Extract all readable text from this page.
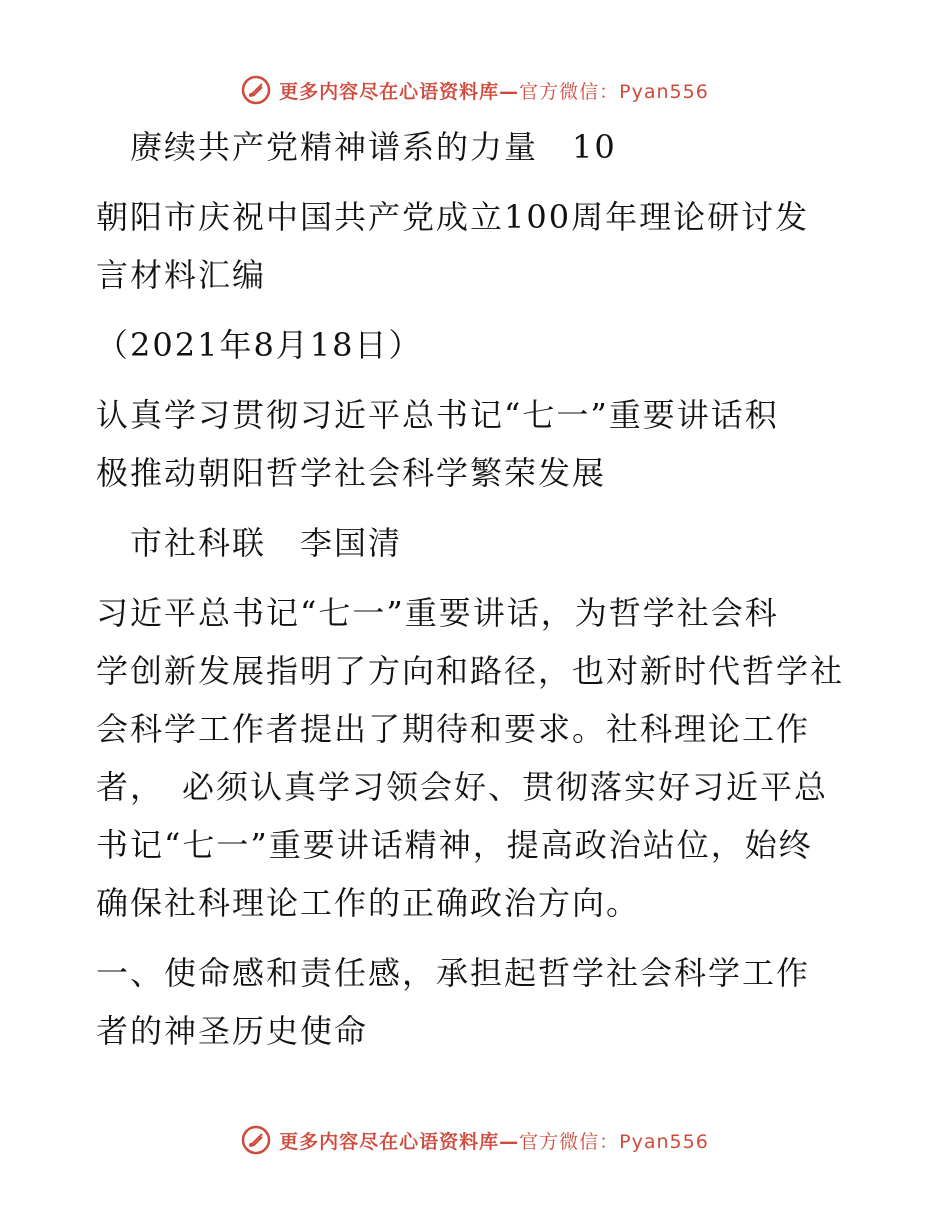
更多内容尽在心语资料库—官方微信：Pyan556
　赓续共产党精神谱系的力量　10
朝阳市庆祝中国共产党成立100周年理论研讨发
言材料汇编
（2021年8月18日）
认真学习贯彻习近平总书记“七一”重要讲话积
极推动朝阳哲学社会科学繁荣发展
　市社科联　李国清
习近平总书记“七一”重要讲话，为哲学社会科
学创新发展指明了方向和路径，也对新时代哲学社
会科学工作者提出了期待和要求。社科理论工作
者，　必须认真学习领会好、贯彻落实好习近平总
书记“七一”重要讲话精神，提高政治站位，始终
确保社科理论工作的正确政治方向。
一、使命感和责任感，承担起哲学社会科学工作
者的神圣历史使命
更多内容尽在心语资料库—官方微信：Pyan556
